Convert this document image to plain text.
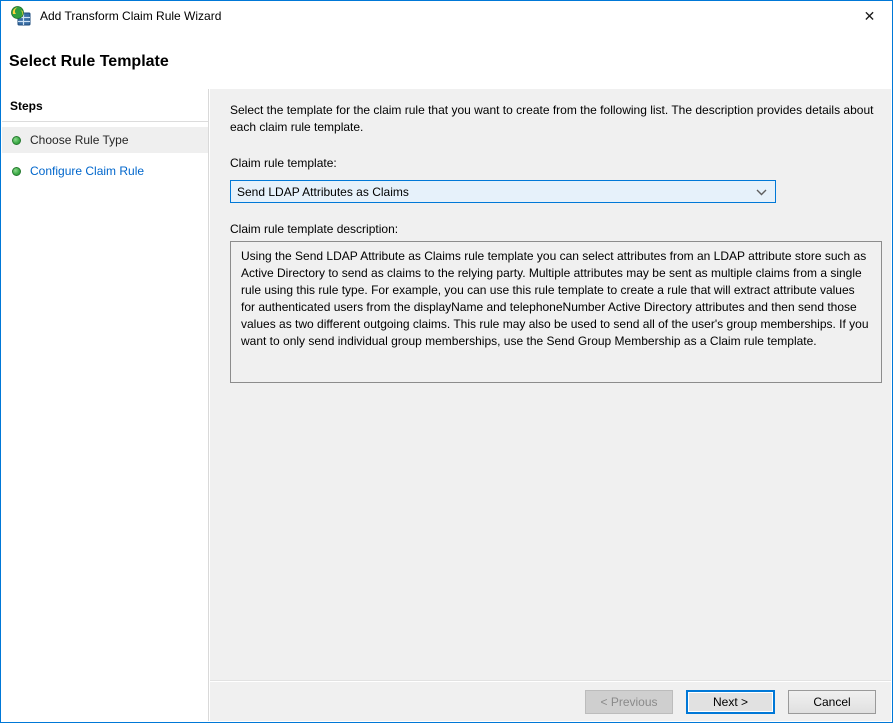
Add Transform Claim Rule Wizard	✕
Select Rule Template
Steps
Choose Rule Type
Configure Claim Rule
Select the template for the claim rule that you want to create from the following list. The description provides details about each claim rule template.
Claim rule template:
Send LDAP Attributes as Claims
Claim rule template description:
Using the Send LDAP Attribute as Claims rule template you can select attributes from an LDAP attribute store such as Active Directory to send as claims to the relying party. Multiple attributes may be sent as multiple claims from a single rule using this rule type. For example, you can use this rule template to create a rule that will extract attribute values for authenticated users from the displayName and telephoneNumber Active Directory attributes and then send those values as two different outgoing claims. This rule may also be used to send all of the user's group memberships. If you want to only send individual group memberships, use the Send Group Membership as a Claim rule template.
< Previous	Next >	Cancel
